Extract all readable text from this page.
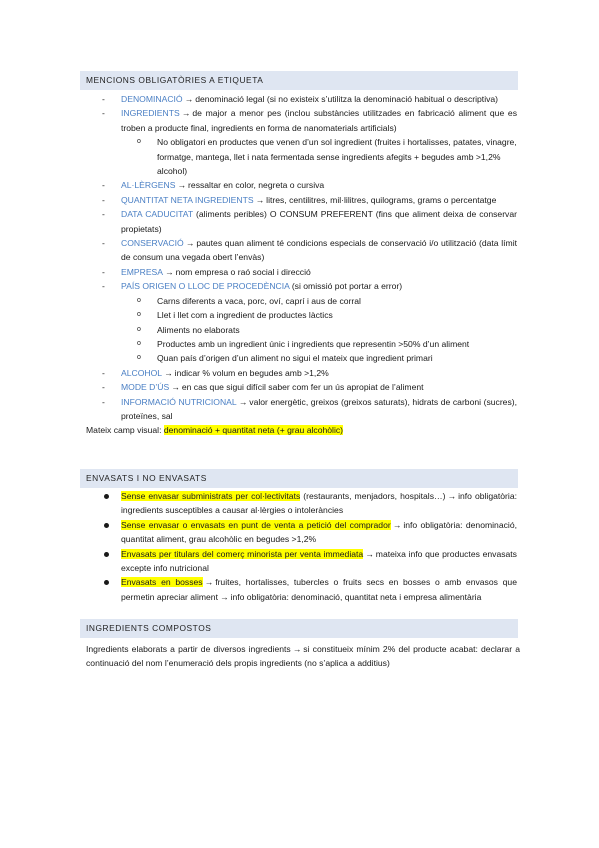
MENCIONS OBLIGATÒRIES A ETIQUETA
- DENOMINACIÓ → denominació legal (si no existeix s’utilitza la denominació habitual o descriptiva)
- INGREDIENTS → de major a menor pes (inclou substàncies utilitzades en fabricació aliment que es troben a producte final, ingredients en forma de nanomaterials artificials)
o No obligatori en productes que venen d’un sol ingredient (fruites i hortalisses, patates, vinagre, formatge, mantega, llet i nata fermentada sense ingredients afegits + begudes amb >1,2% alcohol)
- AL·LÈRGENS → ressaltar en color, negreta o cursiva
- QUANTITAT NETA INGREDIENTS → litres, centilitres, mil·lilitres, quilograms, grams o percentatge
- DATA CADUCITAT (aliments peribles) O CONSUM PREFERENT (fins que aliment deixa de conservar propietats)
- CONSERVACIÓ → pautes quan aliment té condicions especials de conservació i/o utilització (data límit de consum una vegada obert l’envàs)
- EMPRESA → nom empresa o raó social i direcció
- PAÍS ORIGEN O LLOC DE PROCEDÈNCIA (si omissió pot portar a error)
o Carns diferents a vaca, porc, oví, caprí i aus de corral
o Llet i llet com a ingredient de productes làctics
o Aliments no elaborats
o Productes amb un ingredient únic i ingredients que representin >50% d’un aliment
o Quan país d’origen d’un aliment no sigui el mateix que ingredient primari
- ALCOHOL → indicar % volum en begudes amb >1,2%
- MODE D’ÚS → en cas que sigui difícil saber com fer un ús apropiat de l’aliment
- INFORMACIÓ NUTRICIONAL → valor energètic, greixos (greixos saturats), hidrats de carboni (sucres), proteïnes, sal
Mateix camp visual: denominació + quantitat neta (+ grau alcohòlic)
ENVASATS I NO ENVASATS
Sense envasar subministrats per col·lectivitats (restaurants, menjadors, hospitals…) → info obligatòria: ingredients susceptibles a causar al·lèrgies o intoleràncies
Sense envasar o envasats en punt de venta a petició del comprador → info obligatòria: denominació, quantitat aliment, grau alcohòlic en begudes >1,2%
Envasats per titulars del comerç minorista per venta immediata → mateixa info que productes envasats excepte info nutricional
Envasats en bosses → fruites, hortalisses, tubercles o fruits secs en bosses o amb envasos que permetin apreciar aliment → info obligatòria: denominació, quantitat neta i empresa alimentària
INGREDIENTS COMPOSTOS
Ingredients elaborats a partir de diversos ingredients → si constitueix mínim 2% del producte acabat: declarar a continuació del nom l’enumeració dels propis ingredients (no s’aplica a additius)
